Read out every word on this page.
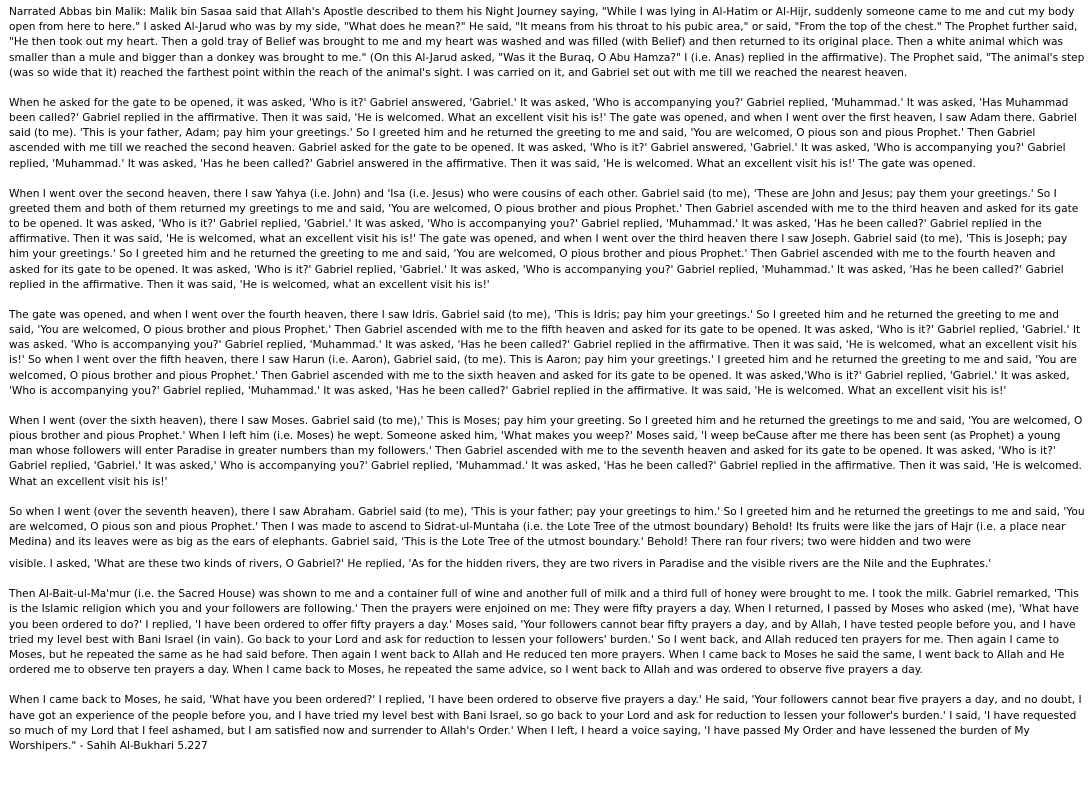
Narrated Abbas bin Malik: Malik bin Sasaa said that Allah's Apostle described to them his Night Journey saying, "While I was lying in Al-Hatim or Al-Hijr, suddenly someone came to me and cut my body open from here to here." I asked Al-Jarud who was by my side, "What does he mean?" He said, "It means from his throat to his pubic area," or said, "From the top of the chest." The Prophet further said, "He then took out my heart. Then a gold tray of Belief was brought to me and my heart was washed and was filled (with Belief) and then returned to its original place. Then a white animal which was smaller than a mule and bigger than a donkey was brought to me." (On this Al-Jarud asked, "Was it the Buraq, O Abu Hamza?" I (i.e. Anas) replied in the affirmative). The Prophet said, "The animal's step (was so wide that it) reached the farthest point within the reach of the animal's sight. I was carried on it, and Gabriel set out with me till we reached the nearest heaven.

When he asked for the gate to be opened, it was asked, 'Who is it?' Gabriel answered, 'Gabriel.' It was asked, 'Who is accompanying you?' Gabriel replied, 'Muhammad.' It was asked, 'Has Muhammad been called?' Gabriel replied in the affirmative. Then it was said, 'He is welcomed. What an excellent visit his is!' The gate was opened, and when I went over the first heaven, I saw Adam there. Gabriel said (to me). 'This is your father, Adam; pay him your greetings.' So I greeted him and he returned the greeting to me and said, 'You are welcomed, O pious son and pious Prophet.' Then Gabriel ascended with me till we reached the second heaven. Gabriel asked for the gate to be opened. It was asked, 'Who is it?' Gabriel answered, 'Gabriel.' It was asked, 'Who is accompanying you?' Gabriel replied, 'Muhammad.' It was asked, 'Has he been called?' Gabriel answered in the affirmative. Then it was said, 'He is welcomed. What an excellent visit his is!' The gate was opened.

When I went over the second heaven, there I saw Yahya (i.e. John) and 'Isa (i.e. Jesus) who were cousins of each other. Gabriel said (to me), 'These are John and Jesus; pay them your greetings.' So I greeted them and both of them returned my greetings to me and said, 'You are welcomed, O pious brother and pious Prophet.' Then Gabriel ascended with me to the third heaven and asked for its gate to be opened. It was asked, 'Who is it?' Gabriel replied, 'Gabriel.' It was asked, 'Who is accompanying you?' Gabriel replied, 'Muhammad.' It was asked, 'Has he been called?' Gabriel replied in the affirmative. Then it was said, 'He is welcomed, what an excellent visit his is!' The gate was opened, and when I went over the third heaven there I saw Joseph. Gabriel said (to me), 'This is Joseph; pay him your greetings.' So I greeted him and he returned the greeting to me and said, 'You are welcomed, O pious brother and pious Prophet.' Then Gabriel ascended with me to the fourth heaven and asked for its gate to be opened. It was asked, 'Who is it?' Gabriel replied, 'Gabriel.' It was asked, 'Who is accompanying you?' Gabriel replied, 'Muhammad.' It was asked, 'Has he been called?' Gabriel replied in the affirmative. Then it was said, 'He is welcomed, what an excellent visit his is!'

The gate was opened, and when I went over the fourth heaven, there I saw Idris. Gabriel said (to me), 'This is Idris; pay him your greetings.' So I greeted him and he returned the greeting to me and said, 'You are welcomed, O pious brother and pious Prophet.' Then Gabriel ascended with me to the fifth heaven and asked for its gate to be opened. It was asked, 'Who is it?' Gabriel replied, 'Gabriel.' It was asked. 'Who is accompanying you?' Gabriel replied, 'Muhammad.' It was asked, 'Has he been called?' Gabriel replied in the affirmative. Then it was said, 'He is welcomed, what an excellent visit his is!' So when I went over the fifth heaven, there I saw Harun (i.e. Aaron), Gabriel said, (to me). This is Aaron; pay him your greetings.' I greeted him and he returned the greeting to me and said, 'You are welcomed, O pious brother and pious Prophet.' Then Gabriel ascended with me to the sixth heaven and asked for its gate to be opened. It was asked,'Who is it?' Gabriel replied, 'Gabriel.' It was asked, 'Who is accompanying you?' Gabriel replied, 'Muhammad.' It was asked, 'Has he been called?' Gabriel replied in the affirmative. It was said, 'He is welcomed. What an excellent visit his is!'

When I went (over the sixth heaven), there I saw Moses. Gabriel said (to me),' This is Moses; pay him your greeting. So I greeted him and he returned the greetings to me and said, 'You are welcomed, O pious brother and pious Prophet.' When I left him (i.e. Moses) he wept. Someone asked him, 'What makes you weep?' Moses said, 'I weep beCause after me there has been sent (as Prophet) a young man whose followers will enter Paradise in greater numbers than my followers.' Then Gabriel ascended with me to the seventh heaven and asked for its gate to be opened. It was asked, 'Who is it?' Gabriel replied, 'Gabriel.' It was asked,' Who is accompanying you?' Gabriel replied, 'Muhammad.' It was asked, 'Has he been called?' Gabriel replied in the affirmative. Then it was said, 'He is welcomed. What an excellent visit his is!'

So when I went (over the seventh heaven), there I saw Abraham. Gabriel said (to me), 'This is your father; pay your greetings to him.' So I greeted him and he returned the greetings to me and said, 'You are welcomed, O pious son and pious Prophet.' Then I was made to ascend to Sidrat-ul-Muntaha (i.e. the Lote Tree of the utmost boundary) Behold! Its fruits were like the jars of Hajr (i.e. a place near Medina) and its leaves were as big as the ears of elephants. Gabriel said, 'This is the Lote Tree of the utmost boundary.' Behold! There ran four rivers; two were hidden and two were

visible. I asked, 'What are these two kinds of rivers, O Gabriel?' He replied, 'As for the hidden rivers, they are two rivers in Paradise and the visible rivers are the Nile and the Euphrates.'

Then Al-Bait-ul-Ma'mur (i.e. the Sacred House) was shown to me and a container full of wine and another full of milk and a third full of honey were brought to me. I took the milk. Gabriel remarked, 'This is the Islamic religion which you and your followers are following.' Then the prayers were enjoined on me: They were fifty prayers a day. When I returned, I passed by Moses who asked (me), 'What have you been ordered to do?' I replied, 'I have been ordered to offer fifty prayers a day.' Moses said, 'Your followers cannot bear fifty prayers a day, and by Allah, I have tested people before you, and I have tried my level best with Bani Israel (in vain). Go back to your Lord and ask for reduction to lessen your followers' burden.' So I went back, and Allah reduced ten prayers for me. Then again I came to Moses, but he repeated the same as he had said before. Then again I went back to Allah and He reduced ten more prayers. When I came back to Moses he said the same, I went back to Allah and He ordered me to observe ten prayers a day. When I came back to Moses, he repeated the same advice, so I went back to Allah and was ordered to observe five prayers a day.

When I came back to Moses, he said, 'What have you been ordered?' I replied, 'I have been ordered to observe five prayers a day.' He said, 'Your followers cannot bear five prayers a day, and no doubt, I have got an experience of the people before you, and I have tried my level best with Bani Israel, so go back to your Lord and ask for reduction to lessen your follower's burden.' I said, 'I have requested so much of my Lord that I feel ashamed, but I am satisfied now and surrender to Allah's Order.' When I left, I heard a voice saying, 'I have passed My Order and have lessened the burden of My Worshipers." - Sahih Al-Bukhari 5.227
